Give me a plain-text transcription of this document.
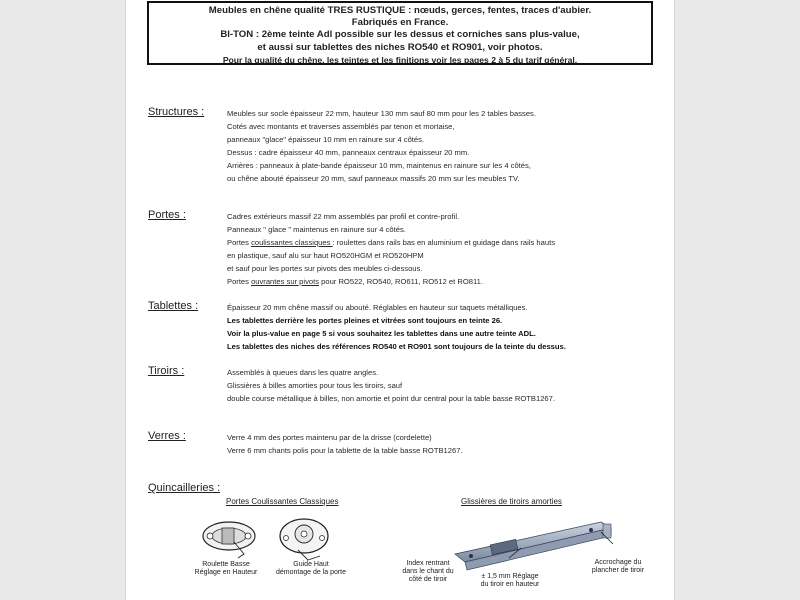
Meubles en chêne qualité TRES RUSTIQUE : nœuds, gerces, fentes, traces d'aubier.
Fabriqués en France.
BI-TON : 2ème teinte Adl possible sur les dessus et corniches sans plus-value,
et aussi sur tablettes des niches RO540 et RO901, voir photos.
Pour la qualité du chêne, les teintes et les finitions voir les pages 2 à 5 du tarif général.
Structures :	Meubles sur socle épaisseur 22 mm, hauteur 130 mm sauf 80 mm pour les 2 tables basses.
Cotés avec montants et traverses assemblés par tenon et mortaise,
panneaux "glace" épaisseur 10 mm en rainure sur 4 côtés.
Dessus : cadre épaisseur 40 mm, panneaux centraux épaisseur 20 mm.
Arrières : panneaux à plate-bande épaisseur 10 mm, maintenus en rainure sur les 4 côtés,
ou chêne abouté épaisseur 20 mm, sauf panneaux massifs 20 mm sur les meubles TV.
Portes :	Cadres extérieurs massif 22 mm assemblés par profil et contre-profil.
Panneaux " glace " maintenus en rainure sur 4 côtés.
Portes coulissantes classiques : roulettes dans rails bas en aluminium et guidage dans rails hauts
en plastique, sauf alu sur haut RO520HGM et RO520HPM
et sauf pour les portes sur pivots des meubles ci-dessous.
Portes ouvrantes sur pivots pour RO522, RO540, RO611, RO512 et RO811.
Tablettes :	Épaisseur 20 mm chêne massif ou abouté. Réglables en hauteur sur taquets métalliques.
Les tablettes derrière les portes pleines et vitrées sont toujours en teinte 26.
Voir la plus-value en page 5 si vous souhaitez les tablettes dans une autre teinte ADL.
Les tablettes des niches des références RO540 et RO901 sont toujours de la teinte du dessus.
Tiroirs :	Assemblés à queues dans les quatre angles.
Glissières à billes amorties pour tous les tiroirs, sauf
double course métallique à billes, non amortie et point dur central pour la table basse ROTB1267.
Verres :	Verre 4 mm des portes maintenu par de la drisse (cordelette)
Verre 6 mm chants polis pour la tablette de la table basse ROTB1267.
Quincailleries :
Portes Coulissantes Classiques	Glissières de tiroirs amorties
Roulette Basse
Réglage en Hauteur
Guide Haut
démontage de la porte
Index rentrant
dans le chant du
côté de tiroir	± 1,5 mm Réglage
du tiroir en hauteur
Accrochage du
plancher de tiroir
